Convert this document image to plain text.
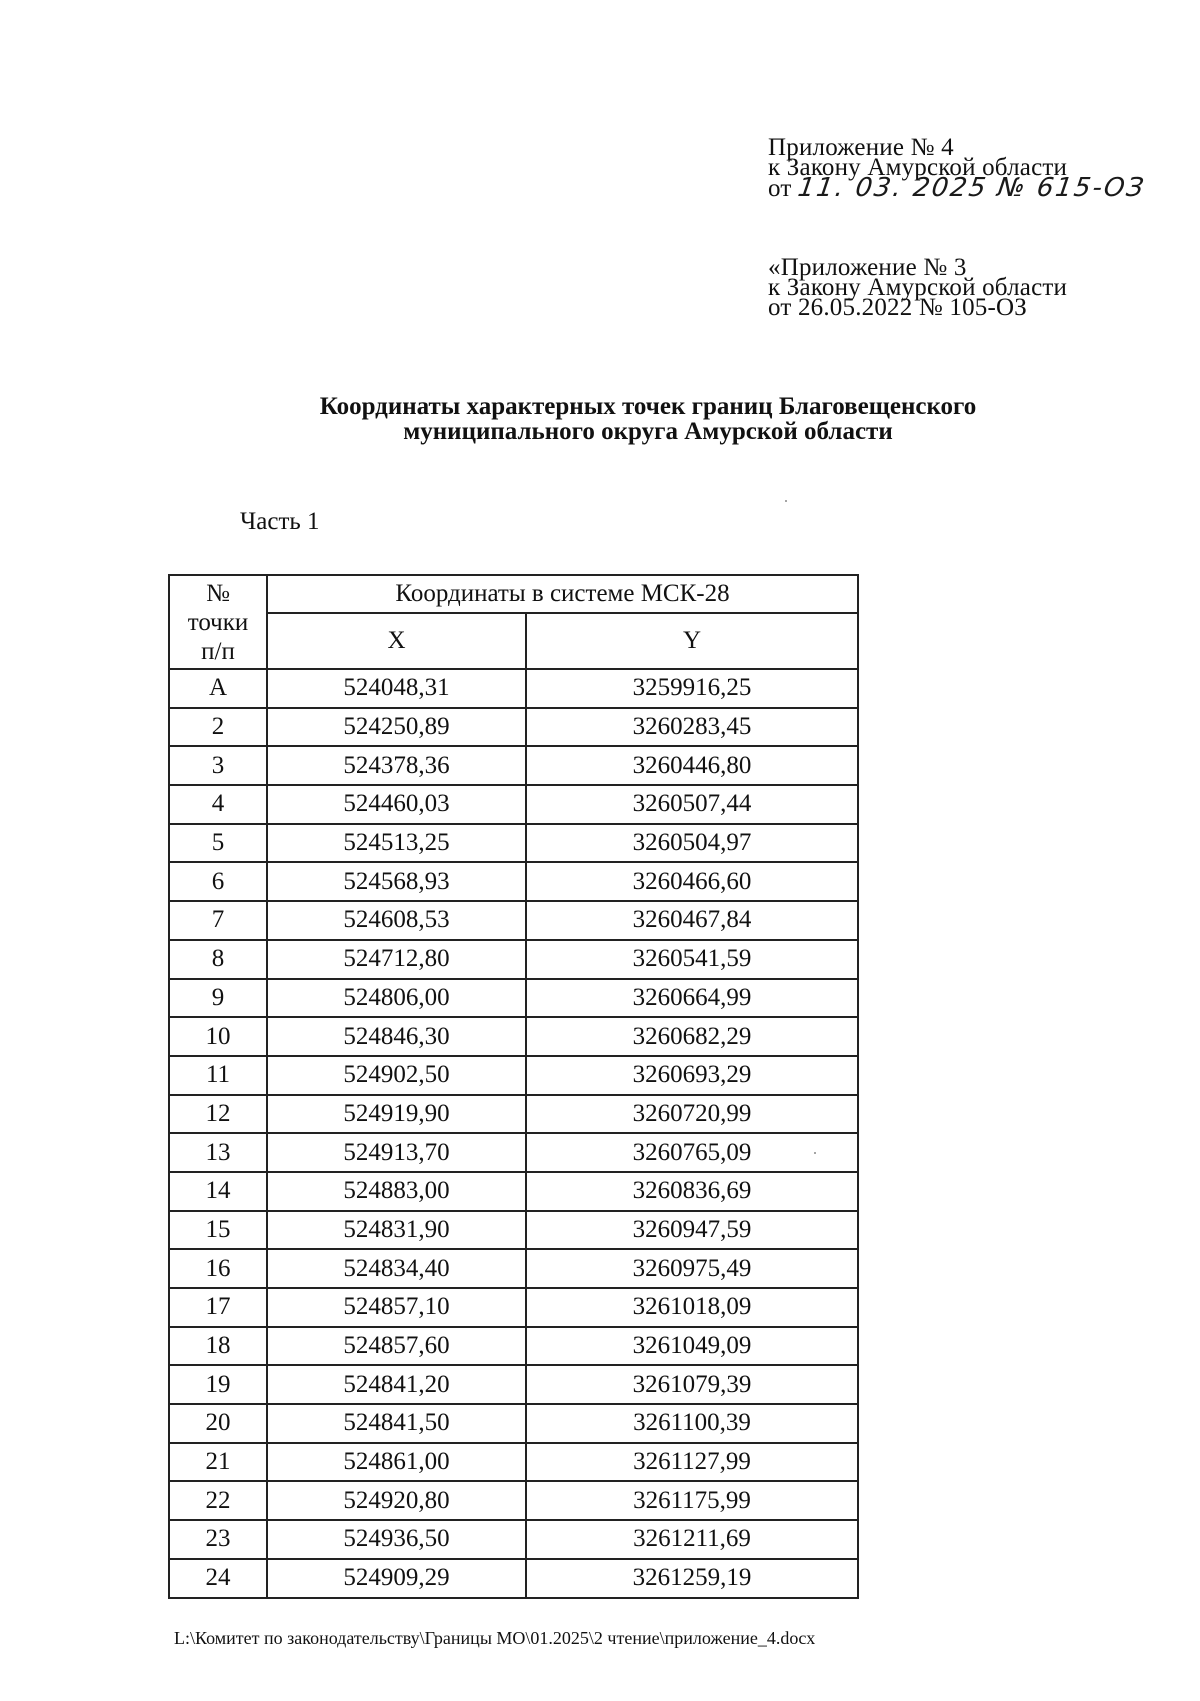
Приложение № 4
к Закону Амурской области
от 11. 03. 2025 № 615-ОЗ
«Приложение № 3
к Закону Амурской области
от 26.05.2022 № 105-ОЗ
Координаты характерных точек границ Благовещенского
муниципального округа Амурской области
Часть 1
№
точки
п/п	Координаты в системе МСК-28	
	X	Y
А	524048,31	3259916,25
2	524250,89	3260283,45
3	524378,36	3260446,80
4	524460,03	3260507,44
5	524513,25	3260504,97
6	524568,93	3260466,60
7	524608,53	3260467,84
8	524712,80	3260541,59
9	524806,00	3260664,99
10	524846,30	3260682,29
11	524902,50	3260693,29
12	524919,90	3260720,99
13	524913,70	3260765,09
14	524883,00	3260836,69
15	524831,90	3260947,59
16	524834,40	3260975,49
17	524857,10	3261018,09
18	524857,60	3261049,09
19	524841,20	3261079,39
20	524841,50	3261100,39
21	524861,00	3261127,99
22	524920,80	3261175,99
23	524936,50	3261211,69
24	524909,29	3261259,19
L:\Комитет по законодательству\Границы МО\01.2025\2 чтение\приложение_4.docx
